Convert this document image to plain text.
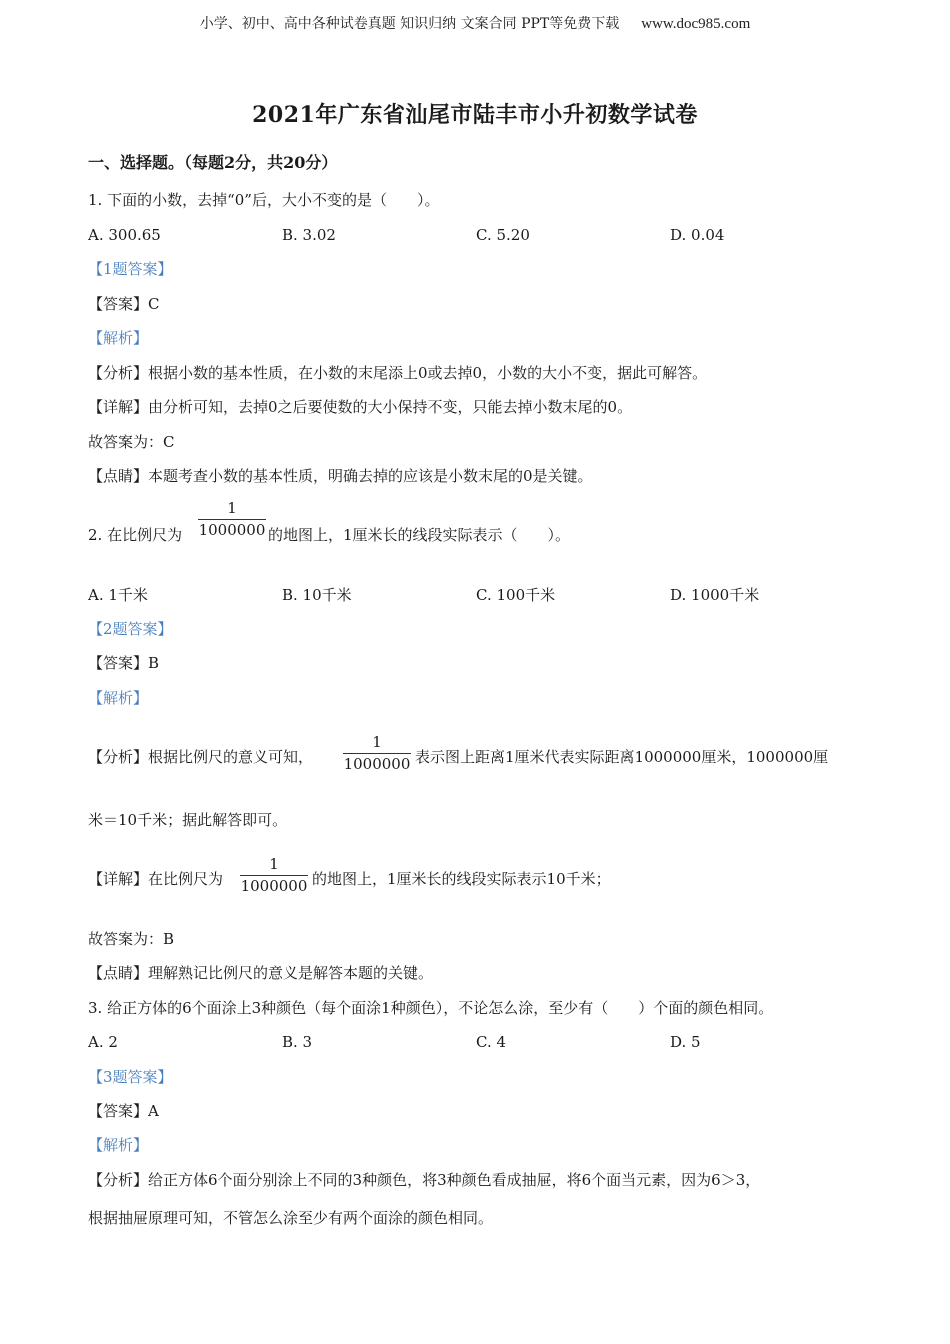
小学、初中、高中各种试卷真题 知识归纳 文案合同 PPT等免费下载 www.doc985.com
2021年广东省汕尾市陆丰市小升初数学试卷
一、选择题。（每题2分，共20分）
1. 下面的小数，去掉“0”后，大小不变的是（　　）。
A. 300.65	B. 3.02	C. 5.20	D. 0.04
【1题答案】
【答案】C
【解析】
【分析】根据小数的基本性质，在小数的末尾添上0或去掉0，小数的大小不变，据此可解答。
【详解】由分析可知，去掉0之后要使数的大小保持不变，只能去掉小数末尾的0。
故答案为：C
【点睛】本题考查小数的基本性质，明确去掉的应该是小数末尾的0是关键。
2. 在比例尺为
1
1000000 的地图上，1厘米长的线段实际表示（　　）。
A. 1千米	B. 10千米	C. 100千米	D. 1000千米
【2题答案】
【答案】B
【解析】
【分析】根据比例尺的意义可知，
1
1000000 表示图上距离1厘米代表实际距离1000000厘米，1000000厘
米＝10千米；据此解答即可。
【详解】在比例尺为
1
1000000 的地图上，1厘米长的线段实际表示10千米；
故答案为：B
【点睛】理解熟记比例尺的意义是解答本题的关键。
3. 给正方体的6个面涂上3种颜色（每个面涂1种颜色），不论怎么涂，至少有（　　）个面的颜色相同。
A. 2	B. 3	C. 4	D. 5
【3题答案】
【答案】A
【解析】
【分析】给正方体6个面分别涂上不同的3种颜色，将3种颜色看成抽屉，将6个面当元素，因为6＞3，
根据抽屉原理可知，不管怎么涂至少有两个面涂的颜色相同。
